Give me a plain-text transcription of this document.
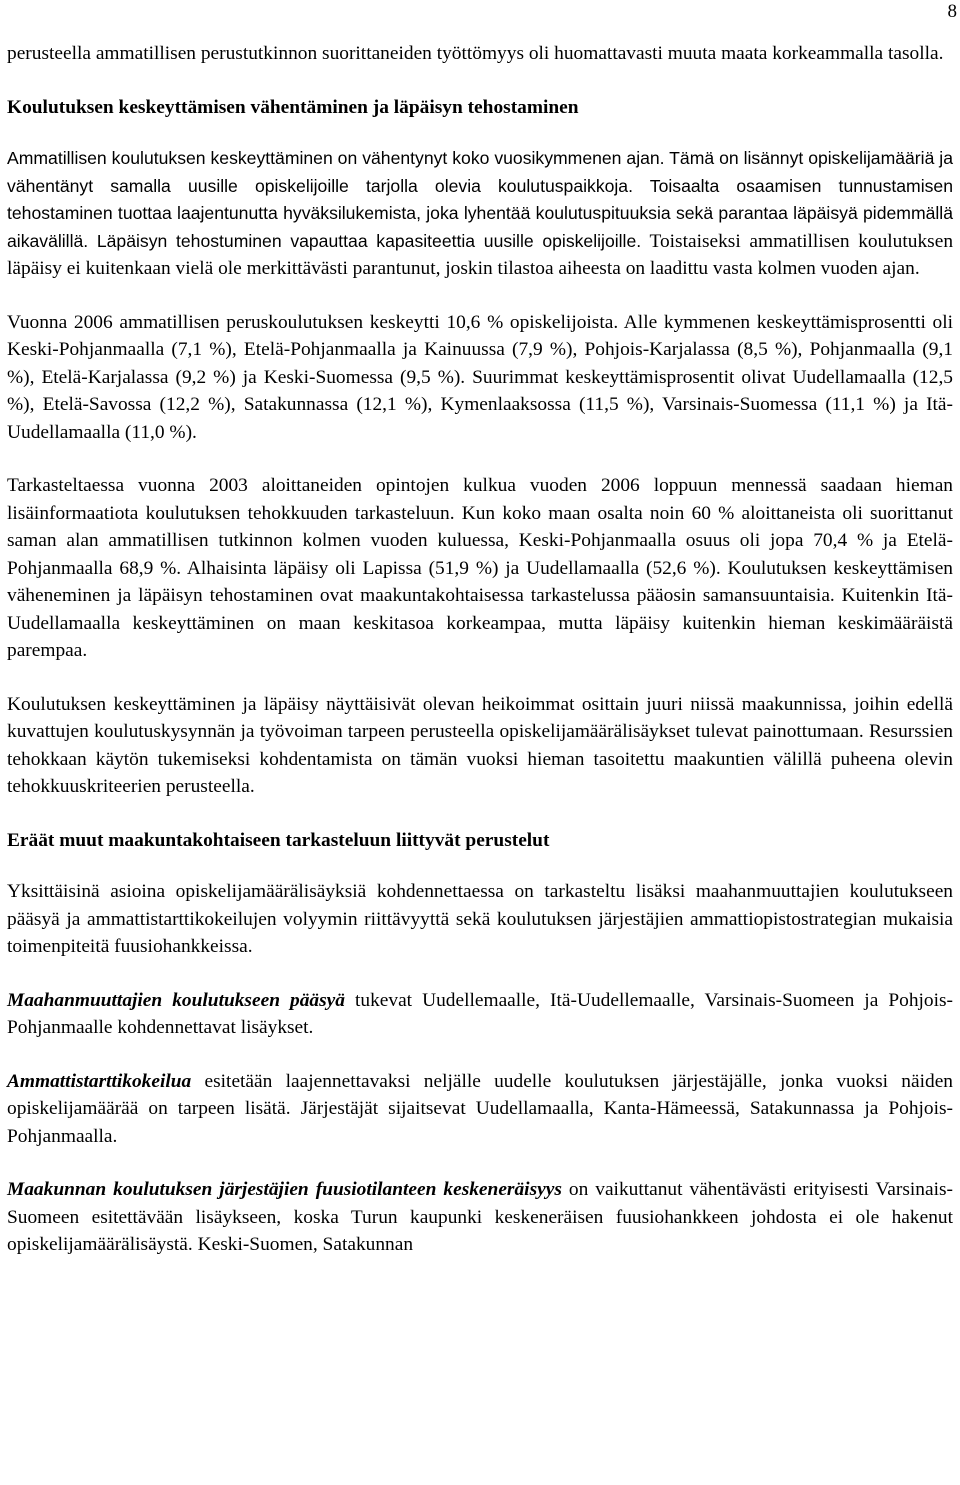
8

perusteella ammatillisen perustutkinnon suorittaneiden työttömyys oli huomattavasti muuta maata korkeammalla tasolla.

Koulutuksen keskeyttämisen vähentäminen ja läpäisyn tehostaminen

Ammatillisen koulutuksen keskeyttäminen on vähentynyt koko vuosikymmenen ajan. Tämä on lisännyt opiskelijamääriä ja vähentänyt samalla uusille opiskelijoille tarjolla olevia koulutuspaikkoja. Toisaalta osaamisen tunnustamisen tehostaminen tuottaa laajentunutta hyväksilukemista, joka lyhentää koulutuspituuksia sekä parantaa läpäisyä pidemmällä aikavälillä. Läpäisyn tehostuminen vapauttaa kapasiteettia uusille opiskelijoille. Toistaiseksi ammatillisen koulutuksen läpäisy ei kuitenkaan vielä ole merkittävästi parantunut, joskin tilastoa aiheesta on laadittu vasta kolmen vuoden ajan.

Vuonna 2006 ammatillisen peruskoulutuksen keskeytti 10,6 % opiskelijoista. Alle kymmenen keskeyttämisprosentti oli Keski-Pohjanmaalla (7,1 %), Etelä-Pohjanmaalla ja Kainuussa (7,9 %), Pohjois-Karjalassa (8,5 %), Pohjanmaalla (9,1 %), Etelä-Karjalassa (9,2 %) ja Keski-Suomessa (9,5 %). Suurimmat keskeyttämisprosentit olivat Uudellamaalla (12,5 %), Etelä-Savossa (12,2 %), Satakunnassa (12,1 %), Kymenlaaksossa (11,5 %), Varsinais-Suomessa (11,1 %) ja Itä-Uudellamaalla (11,0 %).

Tarkasteltaessa vuonna 2003 aloittaneiden opintojen kulkua vuoden 2006 loppuun mennessä saadaan hieman lisäinformaatiota koulutuksen tehokkuuden tarkasteluun. Kun koko maan osalta noin 60 % aloittaneista oli suorittanut saman alan ammatillisen tutkinnon kolmen vuoden kuluessa, Keski-Pohjanmaalla osuus oli jopa 70,4 % ja Etelä-Pohjanmaalla 68,9 %. Alhaisinta läpäisy oli Lapissa (51,9 %) ja Uudellamaalla (52,6 %). Koulutuksen keskeyttämisen väheneminen ja läpäisyn tehostaminen ovat maakuntakohtaisessa tarkastelussa pääosin samansuuntaisia. Kuitenkin Itä-Uudellamaalla keskeyttäminen on maan keskitasoa korkeampaa, mutta läpäisy kuitenkin hieman keskimääräistä parempaa.

Koulutuksen keskeyttäminen ja läpäisy näyttäisivät olevan heikoimmat osittain juuri niissä maakunnissa, joihin edellä kuvattujen koulutuskysynnän ja työvoiman tarpeen perusteella opiskelijamäärälisäykset tulevat painottumaan. Resurssien tehokkaan käytön tukemiseksi kohdentamista on tämän vuoksi hieman tasoitettu maakuntien välillä puheena olevin tehokkuuskriteerien perusteella.

Eräät muut maakuntakohtaiseen tarkasteluun liittyvät perustelut

Yksittäisinä asioina opiskelijamäärälisäyksiä kohdennettaessa on tarkasteltu lisäksi maahanmuuttajien koulutukseen pääsyä ja ammattistarttikokeilujen volyymin riittävyyttä sekä koulutuksen järjestäjien ammattiopistostrategian mukaisia toimenpiteitä fuusiohankkeissa.

Maahanmuuttajien koulutukseen pääsyä tukevat Uudellemaalle, Itä-Uudellemaalle, Varsinais-Suomeen ja Pohjois-Pohjanmaalle kohdennettavat lisäykset.

Ammattistarttikokeilua esitetään laajennettavaksi neljälle uudelle koulutuksen järjestäjälle, jonka vuoksi näiden opiskelijamäärää on tarpeen lisätä. Järjestäjät sijaitsevat Uudellamaalla, Kanta-Hämeessä, Satakunnassa ja Pohjois-Pohjanmaalla.

Maakunnan koulutuksen järjestäjien fuusiotilanteen keskeneräisyys on vaikuttanut vähentävästi erityisesti Varsinais-Suomeen esitettävään lisäykseen, koska Turun kaupunki keskeneräisen fuusiohankkeen johdosta ei ole hakenut opiskelijamäärälisäystä. Keski-Suomen, Satakunnan
